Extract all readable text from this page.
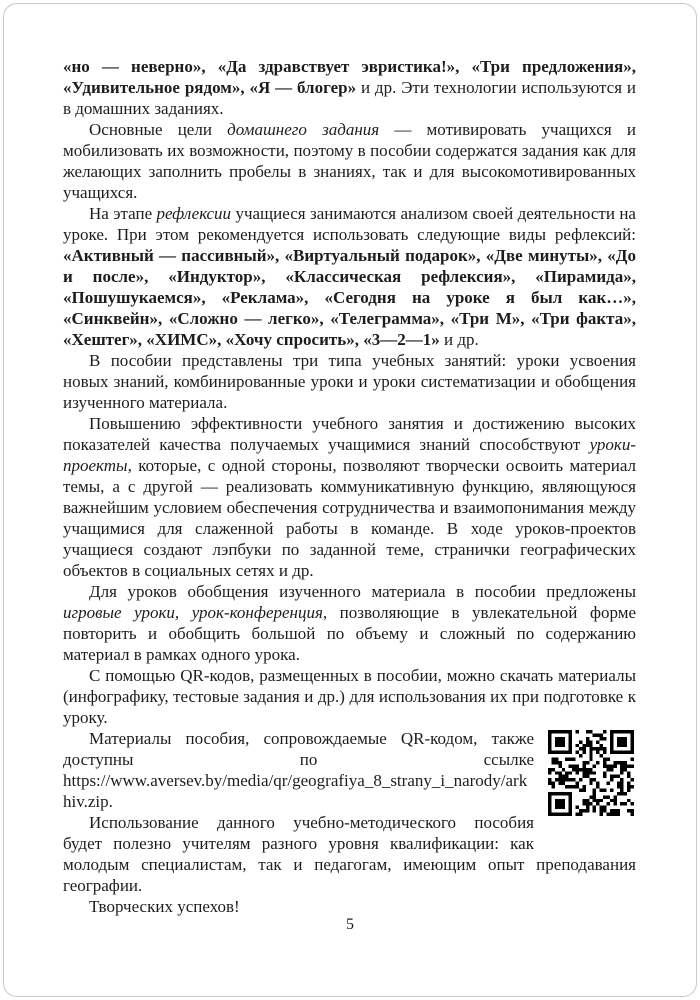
«но — неверно», «Да здравствует эвристика!», «Три предложения», «Удивительное рядом», «Я — блогер» и др. Эти технологии используются и в домашних заданиях.

Основные цели домашнего задания — мотивировать учащихся и мобилизовать их возможности, поэтому в пособии содержатся задания как для желающих заполнить пробелы в знаниях, так и для высокомотивированных учащихся.

На этапе рефлексии учащиеся занимаются анализом своей деятельности на уроке. При этом рекомендуется использовать следующие виды рефлексий: «Активный — пассивный», «Виртуальный подарок», «Две минуты», «До и после», «Индуктор», «Классическая рефлексия», «Пирамида», «Пошушукаемся», «Реклама», «Сегодня на уроке я был как…», «Синквейн», «Сложно — легко», «Телеграмма», «Три М», «Три факта», «Хештег», «ХИМС», «Хочу спросить», «3—2—1» и др.

В пособии представлены три типа учебных занятий: уроки усвоения новых знаний, комбинированные уроки и уроки систематизации и обобщения изученного материала.

Повышению эффективности учебного занятия и достижению высоких показателей качества получаемых учащимися знаний способствуют уроки-проекты, которые, с одной стороны, позволяют творчески освоить материал темы, а с другой — реализовать коммуникативную функцию, являющуюся важнейшим условием обеспечения сотрудничества и взаимопонимания между учащимися для слаженной работы в команде. В ходе уроков-проектов учащиеся создают лэпбуки по заданной теме, странички географических объектов в социальных сетях и др.

Для уроков обобщения изученного материала в пособии предложены игровые уроки, урок-конференция, позволяющие в увлекательной форме повторить и обобщить большой по объему и сложный по содержанию материал в рамках одного урока.

С помощью QR-кодов, размещенных в пособии, можно скачать материалы (инфографику, тестовые задания и др.) для использования их при подготовке к уроку.

Материалы пособия, сопровождаемые QR-кодом, также доступны по ссылке https://www.aversev.by/media/qr/geografiya_8_strany_i_narody/arkhiv.zip.

Использование данного учебно-методического пособия будет полезно учителям разного уровня квалификации: как молодым специалистам, так и педагогам, имеющим опыт преподавания географии.

Творческих успехов!

5
